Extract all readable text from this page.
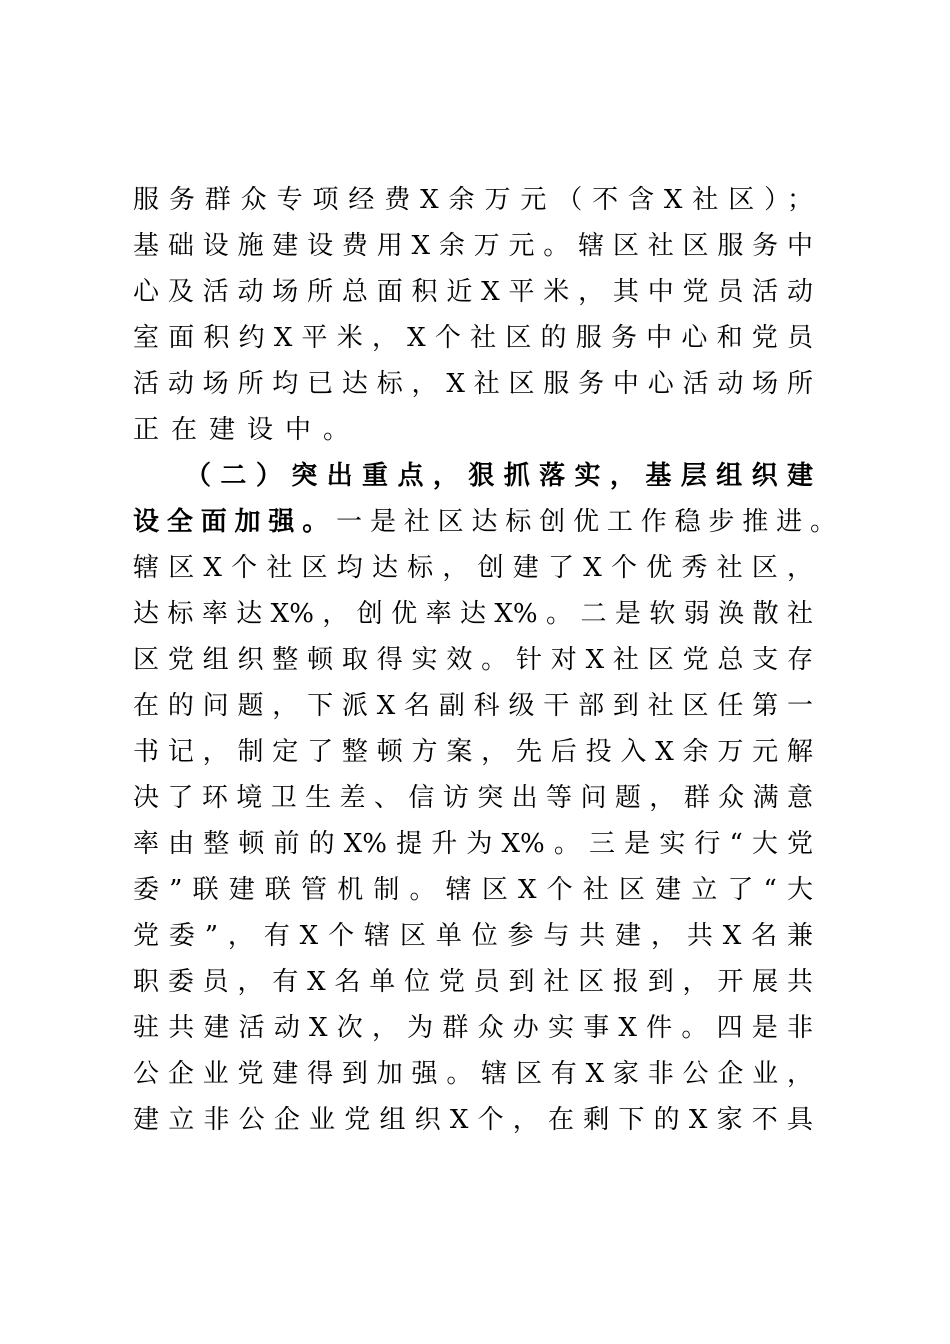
服务群众专项经费X余万元（不含X社区）；
基础设施建设费用X余万元。辖区社区服务中
心及活动场所总面积近X平米，其中党员活动
室面积约X平米，X个社区的服务中心和党员
活动场所均已达标，X社区服务中心活动场所
正在建设中。
（二）突出重点，狠抓落实，基层组织建
设全面加强。一是社区达标创优工作稳步推进。
辖区X个社区均达标，创建了X个优秀社区，
达标率达X%，创优率达X%。二是软弱涣散社
区党组织整顿取得实效。针对X社区党总支存
在的问题，下派X名副科级干部到社区任第一
书记，制定了整顿方案，先后投入X余万元解
决了环境卫生差、信访突出等问题，群众满意
率由整顿前的X%提升为X%。三是实行“大党
委”联建联管机制。辖区X个社区建立了“大
党委”，有X个辖区单位参与共建，共X名兼
职委员，有X名单位党员到社区报到，开展共
驻共建活动X次，为群众办实事X件。四是非
公企业党建得到加强。辖区有X家非公企业，
建立非公企业党组织X个，在剩下的X家不具
